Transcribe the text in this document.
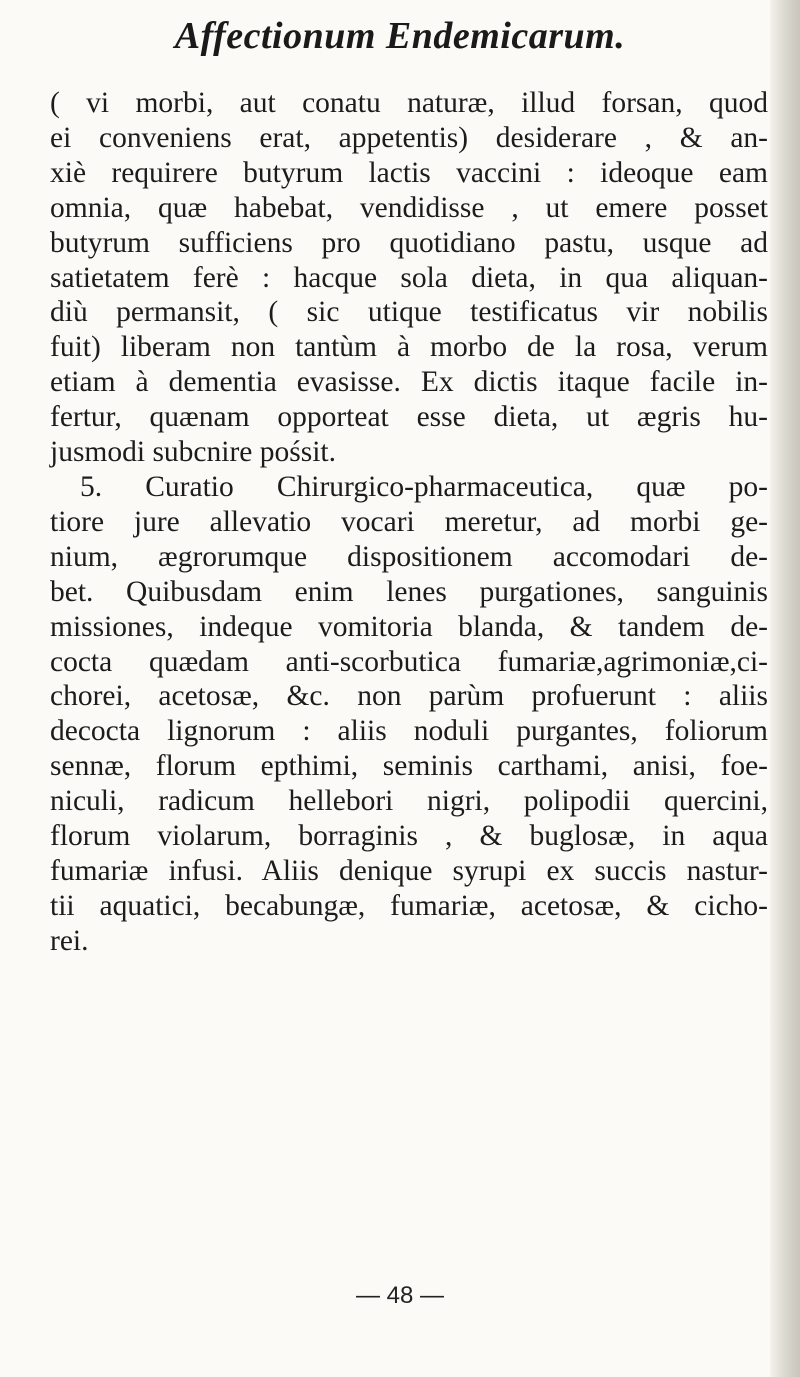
Affectionum Endemicarum.
( vi morbi, aut conatu naturæ, illud forsan, quod
ei conveniens erat, appetentis) desiderare , & an-
xiè requirere butyrum lactis vaccini : ideoque eam
omnia, quæ habebat, vendidisse , ut emere posset
butyrum sufficiens pro quotidiano pastu, usque ad
satietatem ferè : hacque sola dieta, in qua aliquan-
diù permansit, ( sic utique testificatus vir nobilis
fuit) liberam non tantùm à morbo de la rosa, verum
etiam à dementia evasisse. Ex dictis itaque facile in-
fertur, quænam opporteat esse dieta, ut ægris hu-
jusmodi subcnire pośsit.
5. Curatio Chirurgico-pharmaceutica, quæ po-
tiore jure allevatio vocari meretur, ad morbi ge-
nium, ægrorumque dispositionem accomodari de-
bet. Quibusdam enim lenes purgationes, sanguinis
missiones, indeque vomitoria blanda, & tandem de-
cocta quædam anti-scorbutica fumariæ,agrimoniæ,ci-
chorei, acetosæ, &c. non parùm profuerunt : aliis
decocta lignorum : aliis noduli purgantes, foliorum
sennæ, florum epthimi, seminis carthami, anisi, foe-
niculi, radicum hellebori nigri, polipodii quercini,
florum violarum, borraginis , & buglosæ, in aqua
fumariæ infusi. Aliis denique syrupi ex succis nastur-
tii aquatici, becabungæ, fumariæ, acetosæ, & cicho-
rei.
— 48 —
